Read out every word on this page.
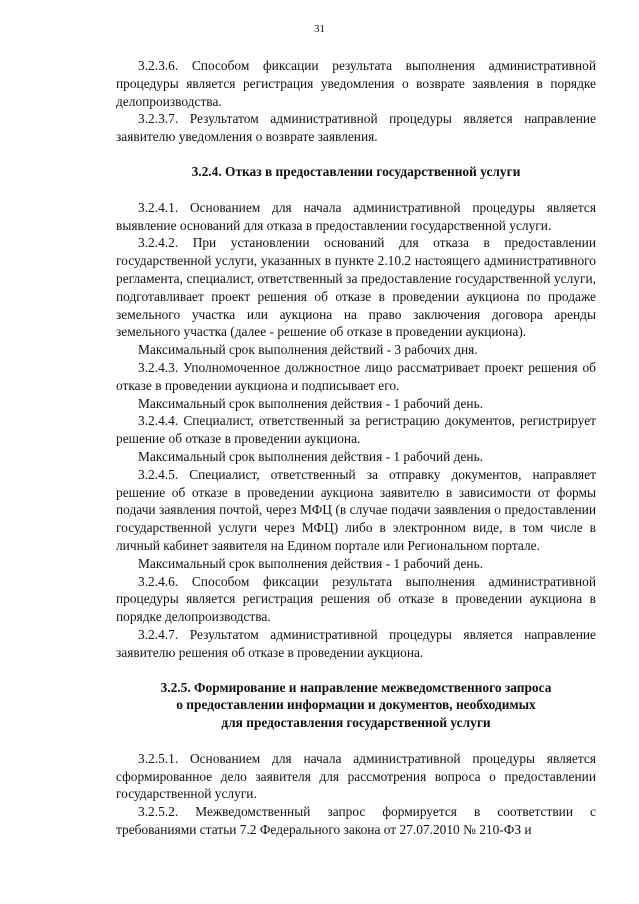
31

3.2.3.6. Способом фиксации результата выполнения административной процедуры является регистрация уведомления о возврате заявления в порядке делопроизводства.

3.2.3.7. Результатом административной процедуры является направление заявителю уведомления о возврате заявления.

3.2.4. Отказ в предоставлении государственной услуги

3.2.4.1. Основанием для начала административной процедуры является выявление оснований для отказа в предоставлении государственной услуги.

3.2.4.2. При установлении оснований для отказа в предоставлении государственной услуги, указанных в пункте 2.10.2 настоящего административного регламента, специалист, ответственный за предоставление государственной услуги, подготавливает проект решения об отказе в проведении аукциона по продаже земельного участка или аукциона на право заключения договора аренды земельного участка (далее - решение об отказе в проведении аукциона).

Максимальный срок выполнения действий - 3 рабочих дня.

3.2.4.3. Уполномоченное должностное лицо рассматривает проект решения об отказе в проведении аукциона и подписывает его.

Максимальный срок выполнения действия - 1 рабочий день.

3.2.4.4. Специалист, ответственный за регистрацию документов, регистрирует решение об отказе в проведении аукциона.

Максимальный срок выполнения действия - 1 рабочий день.

3.2.4.5. Специалист, ответственный за отправку документов, направляет решение об отказе в проведении аукциона заявителю в зависимости от формы подачи заявления почтой, через МФЦ (в случае подачи заявления о предоставлении государственной услуги через МФЦ) либо в электронном виде, в том числе в личный кабинет заявителя на Едином портале или Региональном портале.

Максимальный срок выполнения действия - 1 рабочий день.

3.2.4.6. Способом фиксации результата выполнения административной процедуры является регистрация решения об отказе в проведении аукциона в порядке делопроизводства.

3.2.4.7. Результатом административной процедуры является направление заявителю решения об отказе в проведении аукциона.

3.2.5. Формирование и направление межведомственного запроса

о предоставлении информации и документов, необходимых

для предоставления государственной услуги

3.2.5.1. Основанием для начала административной процедуры является сформированное дело заявителя для рассмотрения вопроса о предоставлении государственной услуги.

3.2.5.2. Межведомственный запрос формируется в соответствии с требованиями статьи 7.2 Федерального закона от 27.07.2010 № 210-ФЗ и
